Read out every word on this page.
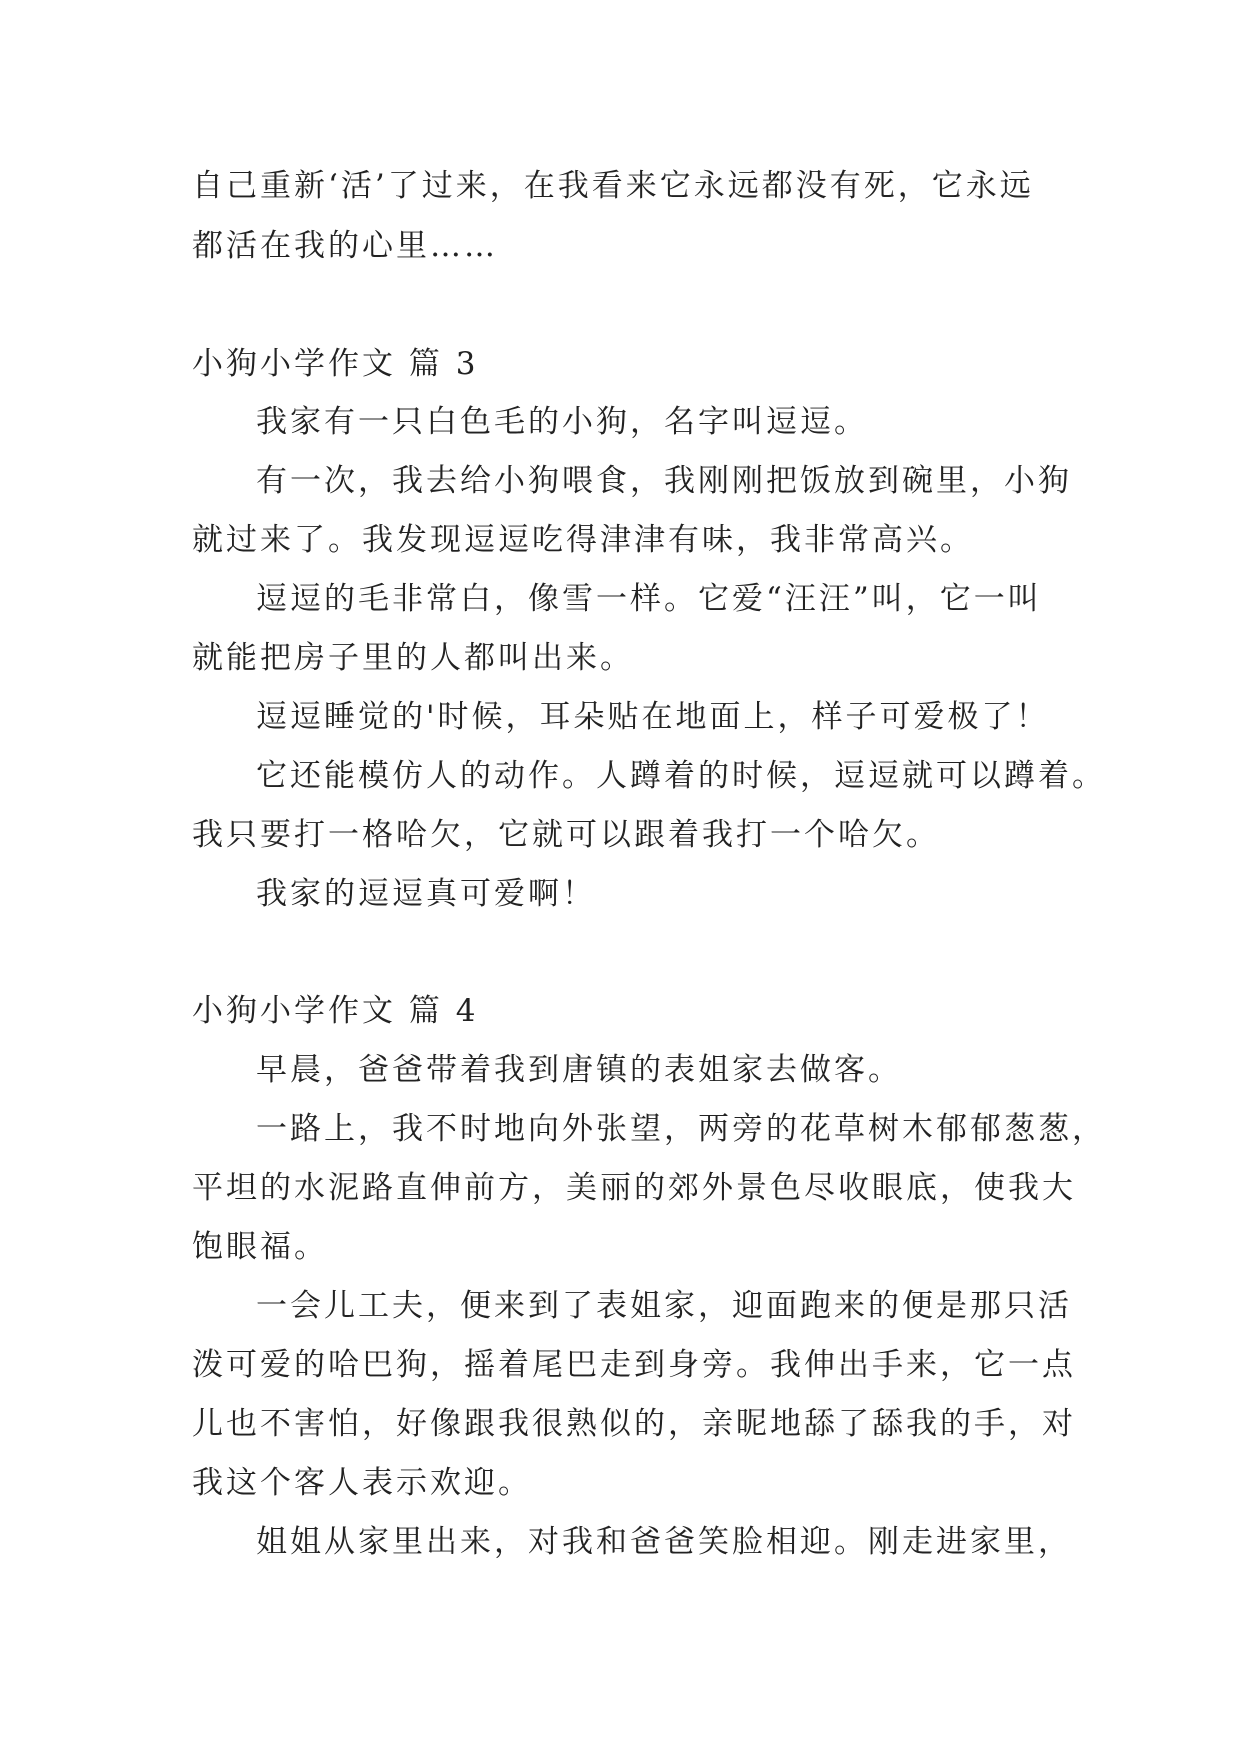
自己重新‘活’了过来，在我看来它永远都没有死，它永远
都活在我的心里……
小狗小学作文 篇 3
我家有一只白色毛的小狗，名字叫逗逗。
有一次，我去给小狗喂食，我刚刚把饭放到碗里，小狗
就过来了。我发现逗逗吃得津津有味，我非常高兴。
逗逗的毛非常白，像雪一样。它爱“汪汪”叫，它一叫
就能把房子里的人都叫出来。
逗逗睡觉的'时候，耳朵贴在地面上，样子可爱极了！
它还能模仿人的动作。人蹲着的时候，逗逗就可以蹲着。
我只要打一格哈欠，它就可以跟着我打一个哈欠。
我家的逗逗真可爱啊！
小狗小学作文 篇 4
早晨，爸爸带着我到唐镇的表姐家去做客。
一路上，我不时地向外张望，两旁的花草树木郁郁葱葱，
平坦的水泥路直伸前方，美丽的郊外景色尽收眼底，使我大
饱眼福。
一会儿工夫，便来到了表姐家，迎面跑来的便是那只活
泼可爱的哈巴狗，摇着尾巴走到身旁。我伸出手来，它一点
儿也不害怕，好像跟我很熟似的，亲昵地舔了舔我的手，对
我这个客人表示欢迎。
姐姐从家里出来，对我和爸爸笑脸相迎。刚走进家里，
